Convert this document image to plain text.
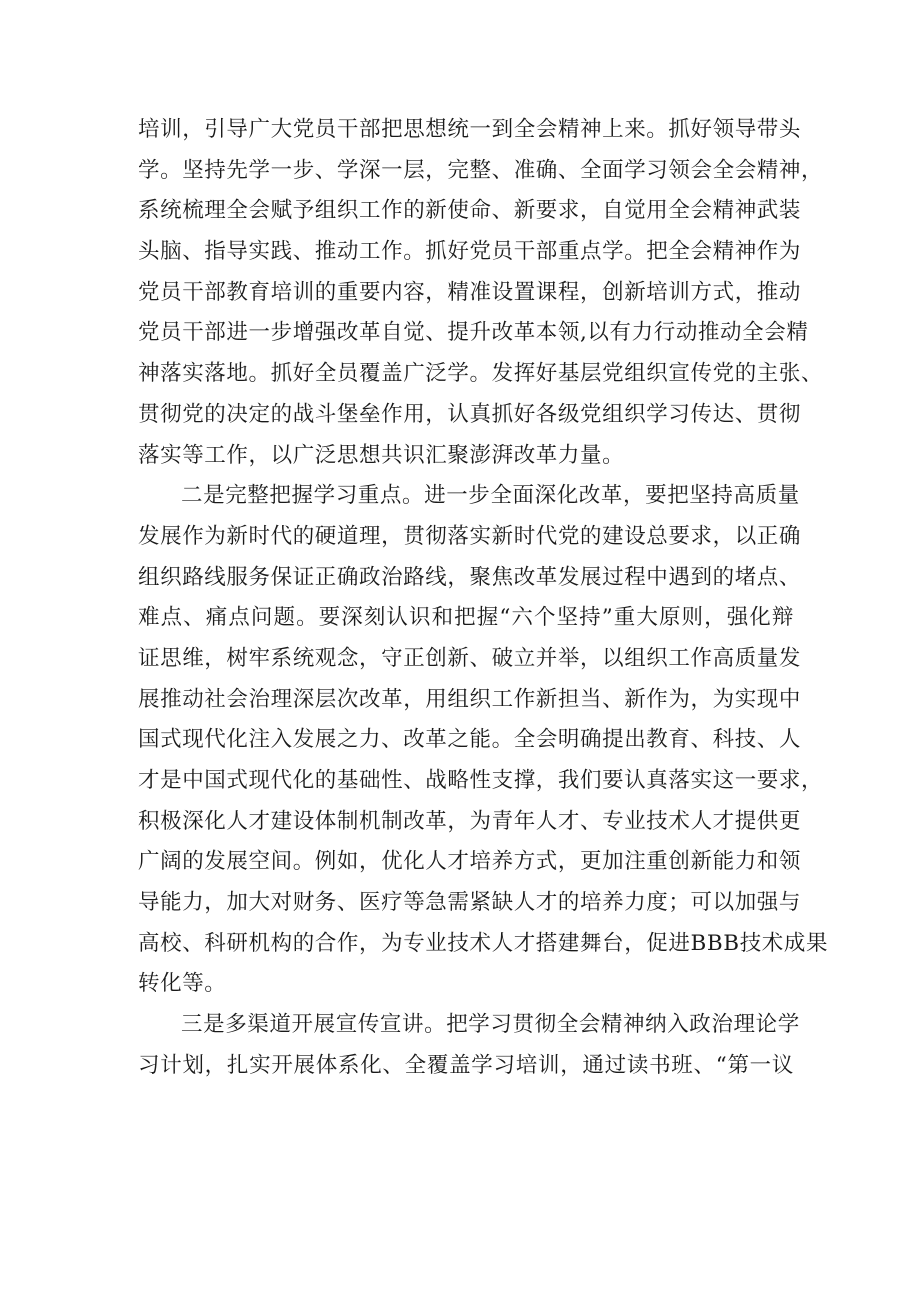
培训，引导广大党员干部把思想统一到全会精神上来。抓好领导带头
学。坚持先学一步、学深一层，完整、准确、全面学习领会全会精神，
系统梳理全会赋予组织工作的新使命、新要求，自觉用全会精神武装
头脑、指导实践、推动工作。抓好党员干部重点学。把全会精神作为
党员干部教育培训的重要内容，精准设置课程，创新培训方式，推动
党员干部进一步增强改革自觉、提升改革本领,以有力行动推动全会精
神落实落地。抓好全员覆盖广泛学。发挥好基层党组织宣传党的主张、
贯彻党的决定的战斗堡垒作用，认真抓好各级党组织学习传达、贯彻
落实等工作，以广泛思想共识汇聚澎湃改革力量。
二是完整把握学习重点。进一步全面深化改革，要把坚持高质量
发展作为新时代的硬道理，贯彻落实新时代党的建设总要求，以正确
组织路线服务保证正确政治路线，聚焦改革发展过程中遇到的堵点、
难点、痛点问题。要深刻认识和把握“六个坚持”重大原则，强化辩
证思维，树牢系统观念，守正创新、破立并举，以组织工作高质量发
展推动社会治理深层次改革，用组织工作新担当、新作为，为实现中
国式现代化注入发展之力、改革之能。全会明确提出教育、科技、人
才是中国式现代化的基础性、战略性支撑，我们要认真落实这一要求，
积极深化人才建设体制机制改革，为青年人才、专业技术人才提供更
广阔的发展空间。例如，优化人才培养方式，更加注重创新能力和领
导能力，加大对财务、医疗等急需紧缺人才的培养力度；可以加强与
高校、科研机构的合作，为专业技术人才搭建舞台，促进BBB技术成果
转化等。
三是多渠道开展宣传宣讲。把学习贯彻全会精神纳入政治理论学
习计划，扎实开展体系化、全覆盖学习培训，通过读书班、“第一议
